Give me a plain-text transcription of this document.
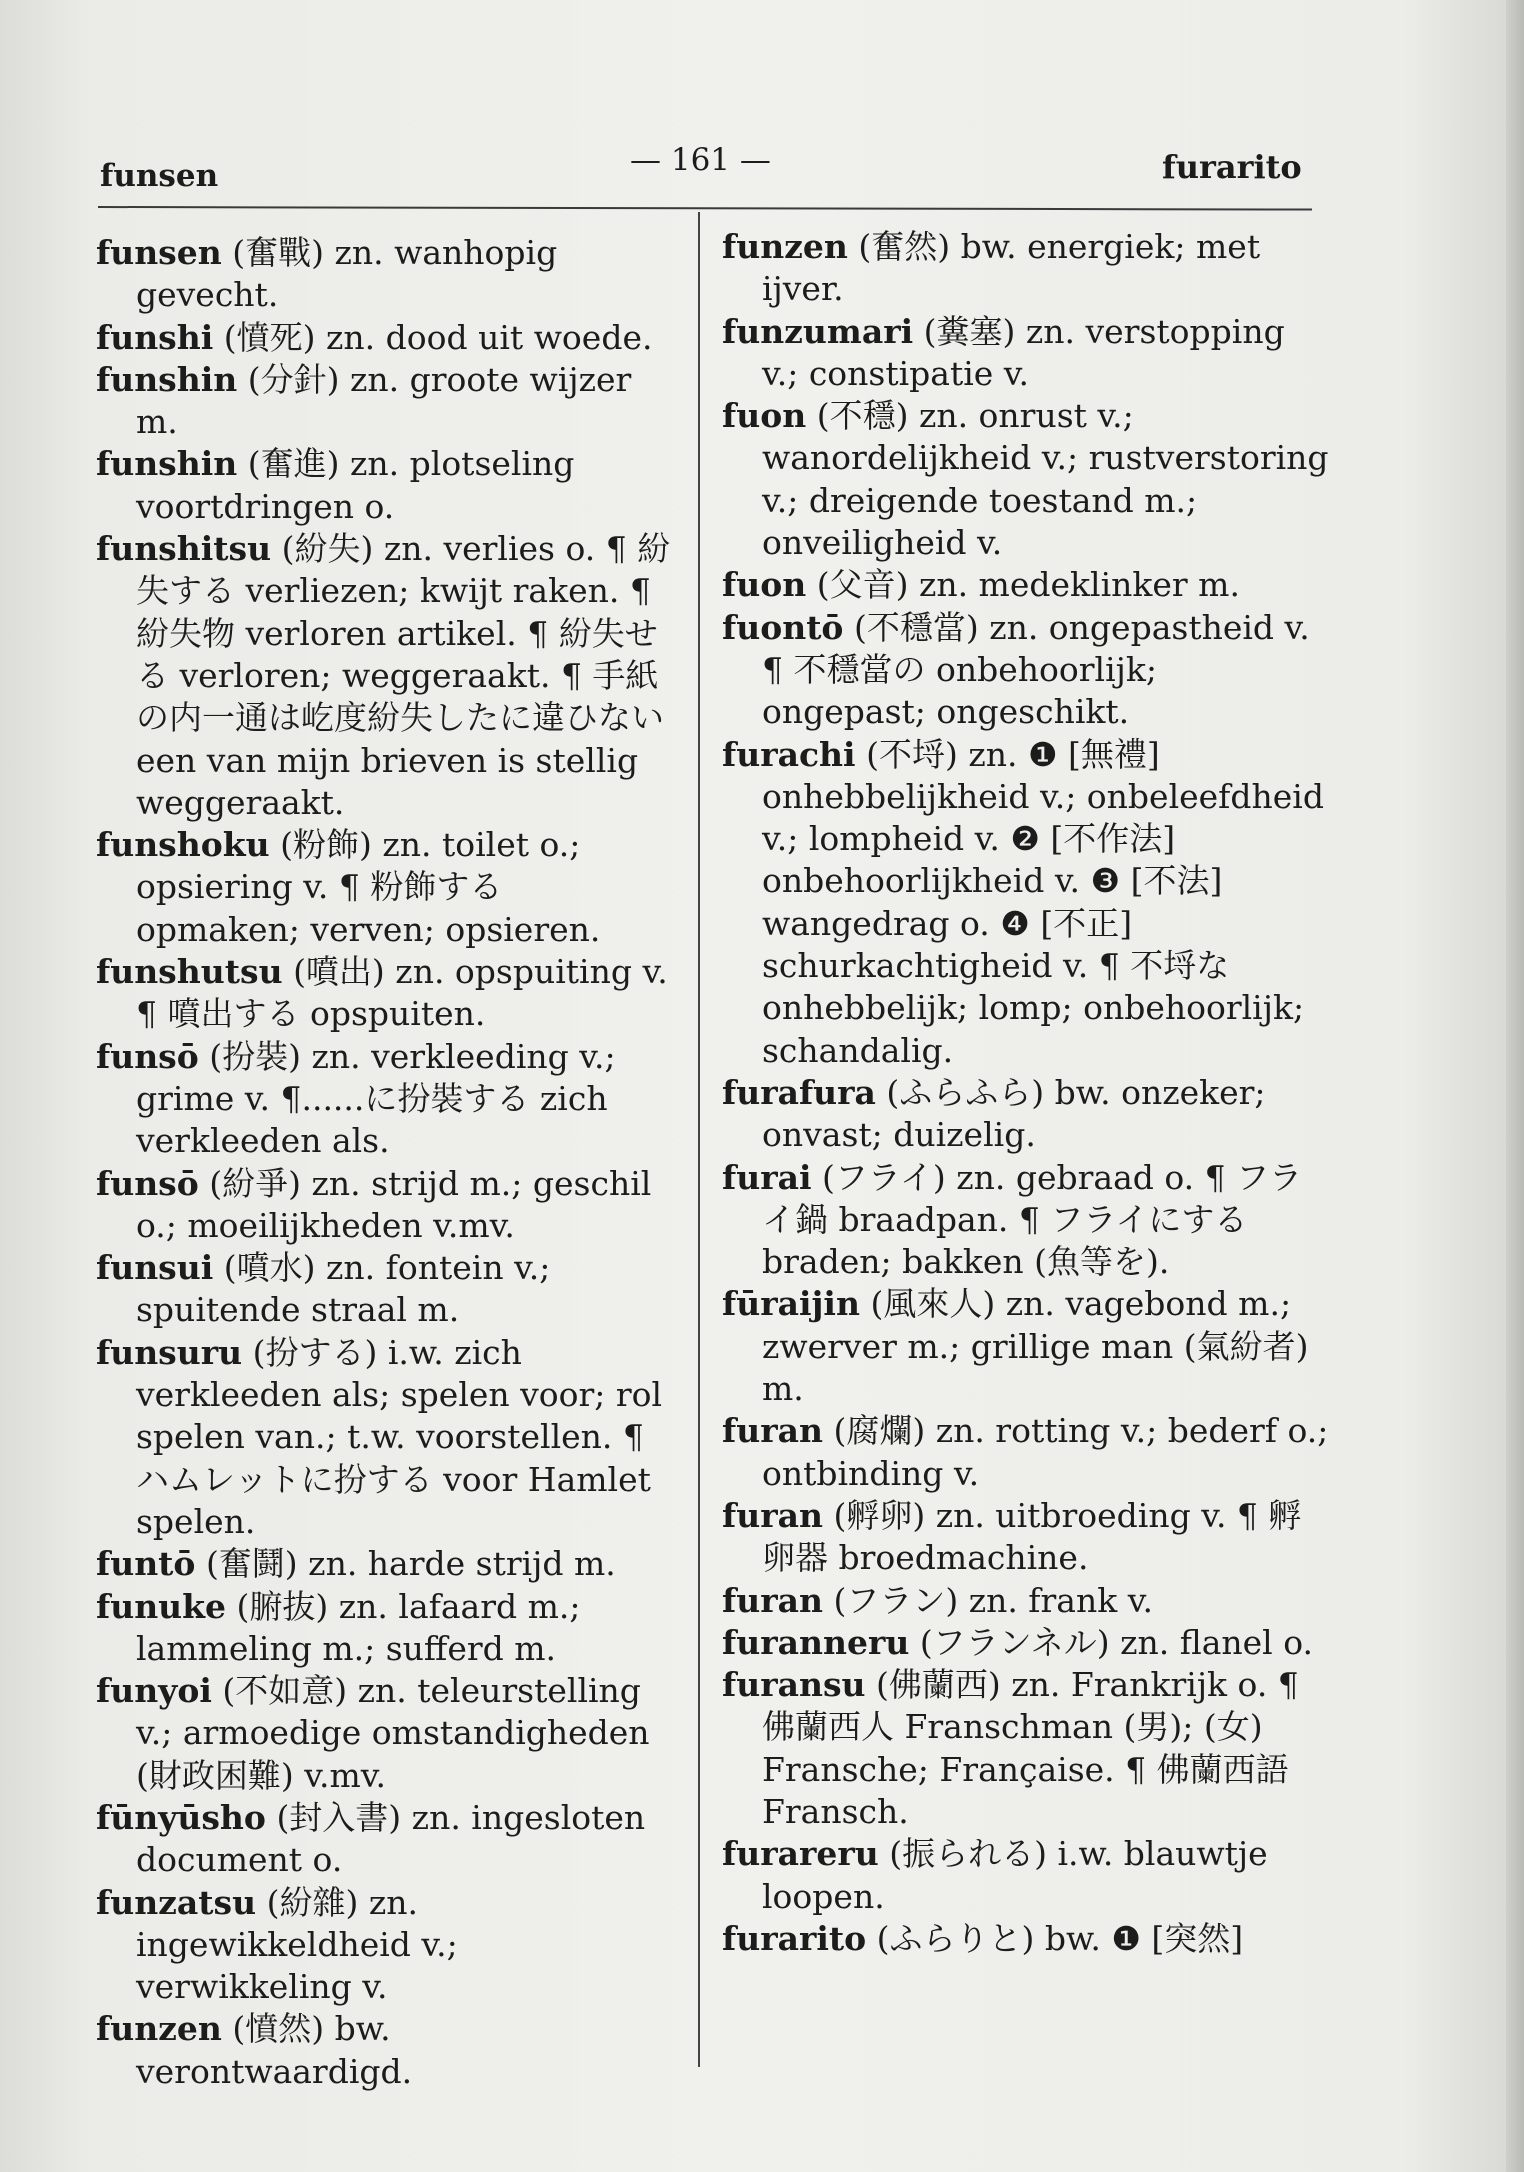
funsen	— 161 —	furarito
funsen (奮戰) zn. wanhopig gevecht.
funshi (憤死) zn. dood uit woede.
funshin (分針) zn. groote wijzer m.
funshin (奮進) zn. plotseling voortdringen o.
funshitsu (紛失) zn. verlies o. ¶ 紛失する verliezen; kwijt raken. ¶ 紛失物 verloren artikel. ¶ 紛失せる verloren; weggeraakt. ¶ 手紙の内一通は屹度紛失したに違ひない een van mijn brieven is stellig weggeraakt.
funshoku (粉飾) zn. toilet o.; opsiering v. ¶ 粉飾する opmaken; verven; opsieren.
funshutsu (噴出) zn. opspuiting v. ¶ 噴出する opspuiten.
funsō (扮裝) zn. verkleeding v.; grime v. ¶......に扮裝する zich verkleeden als.
funsō (紛爭) zn. strijd m.; geschil o.; moeilijkheden v.mv.
funsui (噴水) zn. fontein v.; spuitende straal m.
funsuru (扮する) i.w. zich verkleeden als; spelen voor; rol spelen van.; t.w. voorstellen. ¶ハムレットに扮する voor Hamlet spelen.
funtō (奮鬪) zn. harde strijd m.
funuke (腑抜) zn. lafaard m.; lammeling m.; sufferd m.
funyoi (不如意) zn. teleurstelling v.; armoedige omstandigheden (財政困難) v.mv.
fūnyūsho (封入書) zn. ingesloten document o.
funzatsu (紛雜) zn. ingewikkeldheid v.; verwikkeling v.
funzen (憤然) bw. verontwaardigd.
funzen (奮然) bw. energiek; met ijver.
funzumari (糞塞) zn. verstopping v.; constipatie v.
fuon (不穩) zn. onrust v.; wanordelijkheid v.; rustverstoring v.; dreigende toestand m.; onveiligheid v.
fuon (父音) zn. medeklinker m.
fuontō (不穩當) zn. ongepastheid v. ¶ 不穩當の onbehoorlijk; ongepast; ongeschikt.
furachi (不埒) zn. ❶ [無禮] onhebbelijkheid v.; onbeleefdheid v.; lompheid v. ❷ [不作法] onbehoorlijkheid v. ❸ [不法] wangedrag o. ❹ [不正] schurkachtigheid v. ¶ 不埒な onhebbelijk; lomp; onbehoorlijk; schandalig.
furafura (ふらふら) bw. onzeker; onvast; duizelig.
furai (フライ) zn. gebraad o. ¶ フライ鍋 braadpan. ¶ フライにする braden; bakken (魚等を).
fūraijin (風來人) zn. vagebond m.; zwerver m.; grillige man (氣紛者) m.
furan (腐爛) zn. rotting v.; bederf o.; ontbinding v.
furan (孵卵) zn. uitbroeding v. ¶ 孵卵器 broedmachine.
furan (フラン) zn. frank v.
furanneru (フランネル) zn. flanel o.
furansu (佛蘭西) zn. Frankrijk o. ¶ 佛蘭西人 Franschman (男); (女) Fransche; Française. ¶ 佛蘭西語 Fransch.
furareru (振られる) i.w. blauwtje loopen.
furarito (ふらりと) bw. ❶ [突然]
